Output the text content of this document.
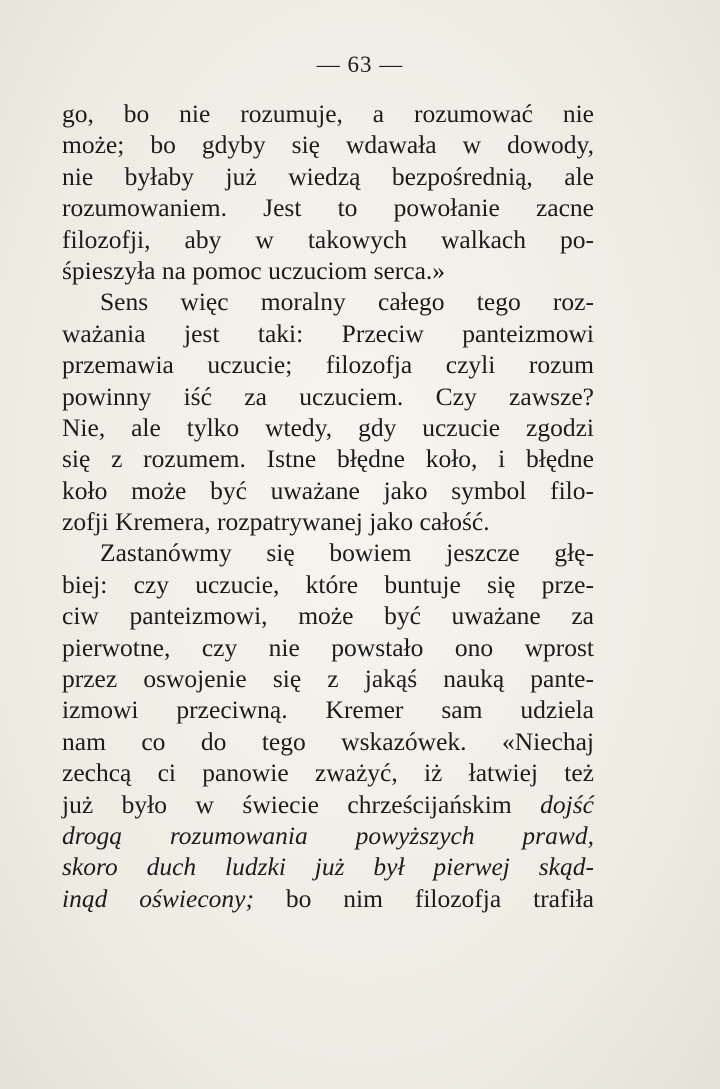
— 63 —
go, bo nie rozumuje, a rozumować nie
może; bo gdyby się wdawała w dowody,
nie byłaby już wiedzą bezpośrednią, ale
rozumowaniem. Jest to powołanie zacne
filozofji, aby w takowych walkach po-
śpieszyła na pomoc uczuciom serca.»
Sens więc moralny całego tego roz-
ważania jest taki: Przeciw panteizmowi
przemawia uczucie; filozofja czyli rozum
powinny iść za uczuciem. Czy zawsze?
Nie, ale tylko wtedy, gdy uczucie zgodzi
się z rozumem. Istne błędne koło, i błędne
koło może być uważane jako symbol filo-
zofji Kremera, rozpatrywanej jako całość.
Zastanówmy się bowiem jeszcze głę-
biej: czy uczucie, które buntuje się prze-
ciw panteizmowi, może być uważane za
pierwotne, czy nie powstało ono wprost
przez oswojenie się z jakąś nauką pante-
izmowi przeciwną. Kremer sam udziela
nam co do tego wskazówek. «Niechaj
zechcą ci panowie zważyć, iż łatwiej też
już było w świecie chrześcijańskim dojść
drogą rozumowania powyższych prawd,
skoro duch ludzki już był pierwej skąd-
inąd oświecony; bo nim filozofja trafiła
